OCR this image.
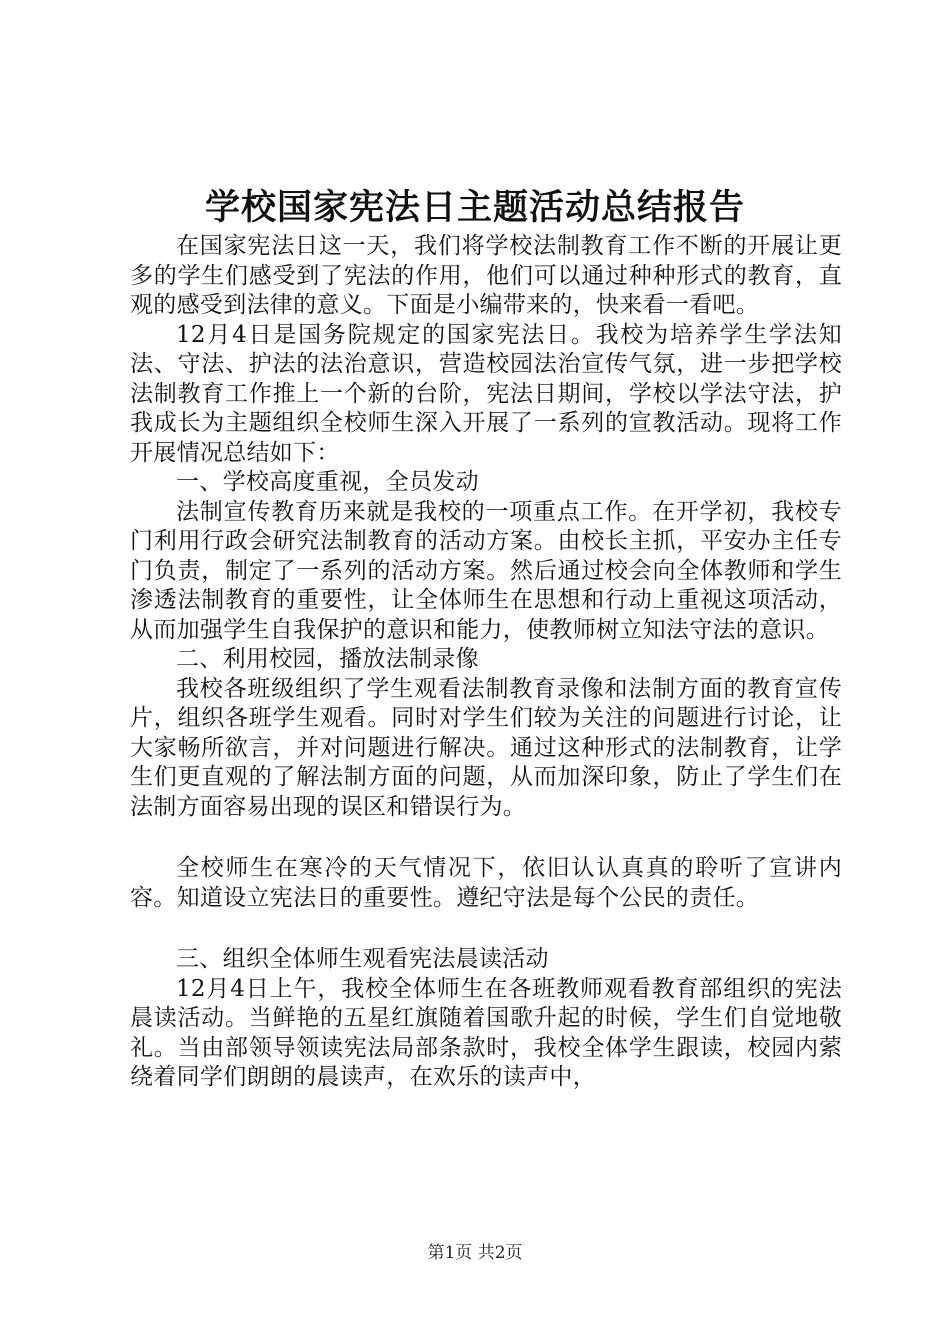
学校国家宪法日主题活动总结报告

在国家宪法日这一天，我们将学校法制教育工作不断的开展让更多的学生们感受到了宪法的作用，他们可以通过种种形式的教育，直观的感受到法律的意义。下面是小编带来的，快来看一看吧。

12月4日是国务院规定的国家宪法日。我校为培养学生学法知法、守法、护法的法治意识，营造校园法治宣传气氛，进一步把学校法制教育工作推上一个新的台阶，宪法日期间，学校以学法守法，护我成长为主题组织全校师生深入开展了一系列的宣教活动。现将工作开展情况总结如下：

一、学校高度重视，全员发动

法制宣传教育历来就是我校的一项重点工作。在开学初，我校专门利用行政会研究法制教育的活动方案。由校长主抓，平安办主任专门负责，制定了一系列的活动方案。然后通过校会向全体教师和学生渗透法制教育的重要性，让全体师生在思想和行动上重视这项活动，从而加强学生自我保护的意识和能力，使教师树立知法守法的意识。

二、利用校园，播放法制录像

我校各班级组织了学生观看法制教育录像和法制方面的教育宣传片，组织各班学生观看。同时对学生们较为关注的问题进行讨论，让大家畅所欲言，并对问题进行解决。通过这种形式的法制教育，让学生们更直观的了解法制方面的问题，从而加深印象，防止了学生们在法制方面容易出现的误区和错误行为。

全校师生在寒冷的天气情况下，依旧认认真真的聆听了宣讲内容。知道设立宪法日的重要性。遵纪守法是每个公民的责任。

三、组织全体师生观看宪法晨读活动

12月4日上午，我校全体师生在各班教师观看教育部组织的宪法晨读活动。当鲜艳的五星红旗随着国歌升起的时候，学生们自觉地敬礼。当由部领导领读宪法局部条款时，我校全体学生跟读，校园内萦绕着同学们朗朗的晨读声，在欢乐的读声中，

第1页 共2页
